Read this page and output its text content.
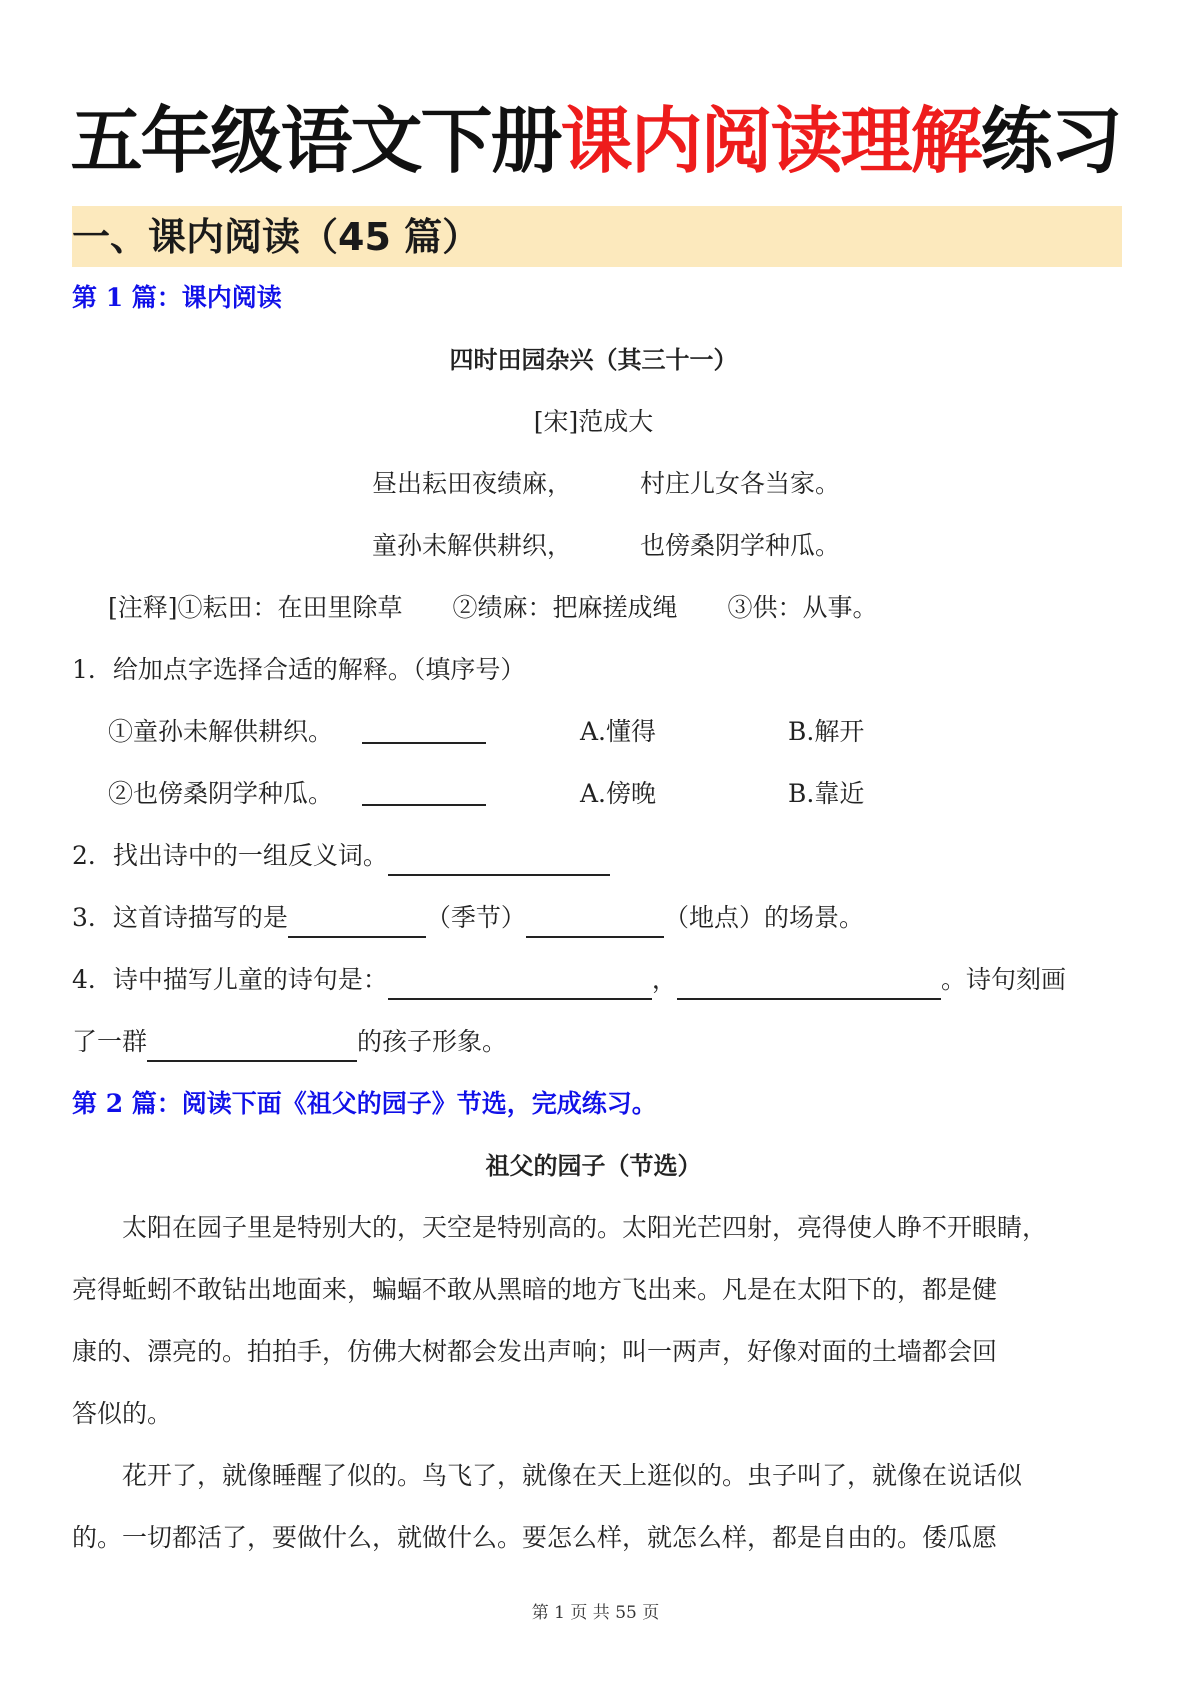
五年级语文下册课内阅读理解练习
一、课内阅读（45 篇）
第 1 篇：课内阅读
四时田园杂兴（其三十一）
[宋]范成大
昼出耘田夜绩麻，	村庄儿女各当家。
童孙未解供耕织，	也傍桑阴学种瓜。
[注释]①耘田：在田里除草　　②绩麻：把麻搓成绳　　③供：从事。
1．给加点字选择合适的解释。（填序号）
①童孙未解供耕织。	A.懂得	B.解开
②也傍桑阴学种瓜。	A.傍晚	B.靠近
2．找出诗中的一组反义词。
3．这首诗描写的是	（季节）	（地点）的场景。
4．诗中描写儿童的诗句是：	，	。诗句刻画
了一群	的孩子形象。
第 2 篇：阅读下面《祖父的园子》节选，完成练习。
祖父的园子（节选）
　　太阳在园子里是特别大的，天空是特别高的。太阳光芒四射，亮得使人睁不开眼睛，
亮得蚯蚓不敢钻出地面来，蝙蝠不敢从黑暗的地方飞出来。凡是在太阳下的，都是健
康的、漂亮的。拍拍手，仿佛大树都会发出声响；叫一两声，好像对面的土墙都会回
答似的。
　　花开了，就像睡醒了似的。鸟飞了，就像在天上逛似的。虫子叫了，就像在说话似
的。一切都活了，要做什么，就做什么。要怎么样，就怎么样，都是自由的。倭瓜愿
第 1 页 共 55 页
